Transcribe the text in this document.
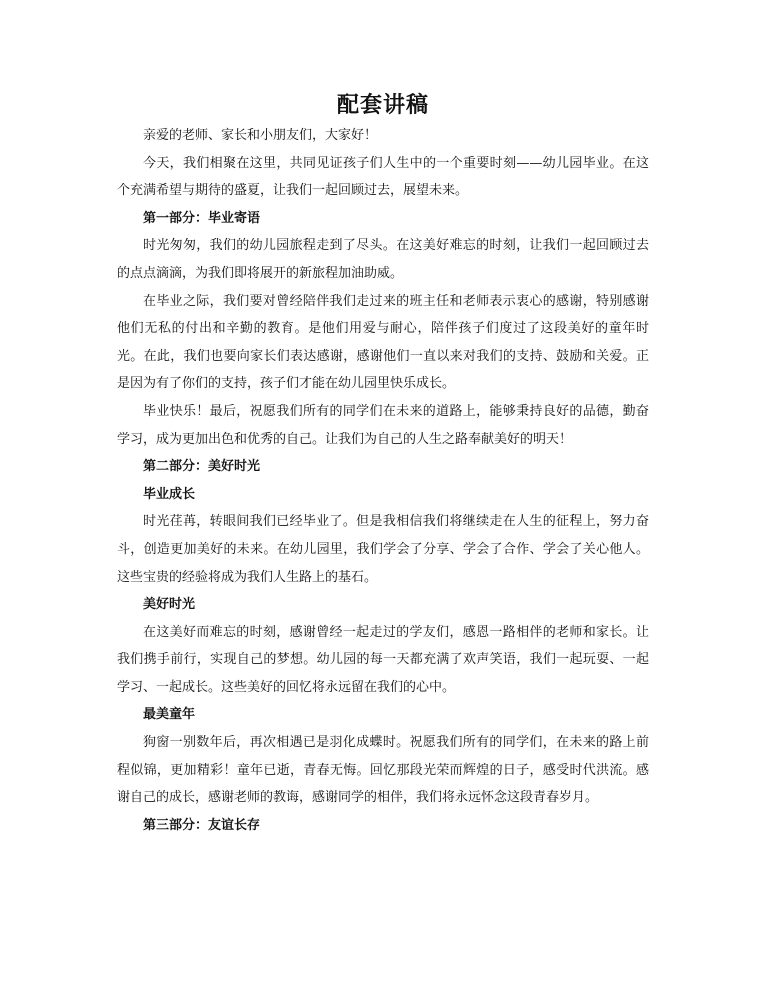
配套讲稿

亲爱的老师、家长和小朋友们，大家好！

今天，我们相聚在这里，共同见证孩子们人生中的一个重要时刻——幼儿园毕业。在这个充满希望与期待的盛夏，让我们一起回顾过去，展望未来。

第一部分：毕业寄语

时光匆匆，我们的幼儿园旅程走到了尽头。在这美好难忘的时刻，让我们一起回顾过去的点点滴滴，为我们即将展开的新旅程加油助威。

在毕业之际，我们要对曾经陪伴我们走过来的班主任和老师表示衷心的感谢，特别感谢他们无私的付出和辛勤的教育。是他们用爱与耐心，陪伴孩子们度过了这段美好的童年时光。在此，我们也要向家长们表达感谢，感谢他们一直以来对我们的支持、鼓励和关爱。正是因为有了你们的支持，孩子们才能在幼儿园里快乐成长。

毕业快乐！最后，祝愿我们所有的同学们在未来的道路上，能够秉持良好的品德，勤奋学习，成为更加出色和优秀的自己。让我们为自己的人生之路奉献美好的明天！

第二部分：美好时光

毕业成长

时光荏苒，转眼间我们已经毕业了。但是我相信我们将继续走在人生的征程上，努力奋斗，创造更加美好的未来。在幼儿园里，我们学会了分享、学会了合作、学会了关心他人。这些宝贵的经验将成为我们人生路上的基石。

美好时光

在这美好而难忘的时刻，感谢曾经一起走过的学友们，感恩一路相伴的老师和家长。让我们携手前行，实现自己的梦想。幼儿园的每一天都充满了欢声笑语，我们一起玩耍、一起学习、一起成长。这些美好的回忆将永远留在我们的心中。

最美童年

狗窗一别数年后，再次相遇已是羽化成蝶时。祝愿我们所有的同学们，在未来的路上前程似锦，更加精彩！童年已逝，青春无悔。回忆那段光荣而辉煌的日子，感受时代洪流。感谢自己的成长，感谢老师的教诲，感谢同学的相伴，我们将永远怀念这段青春岁月。

第三部分：友谊长存
